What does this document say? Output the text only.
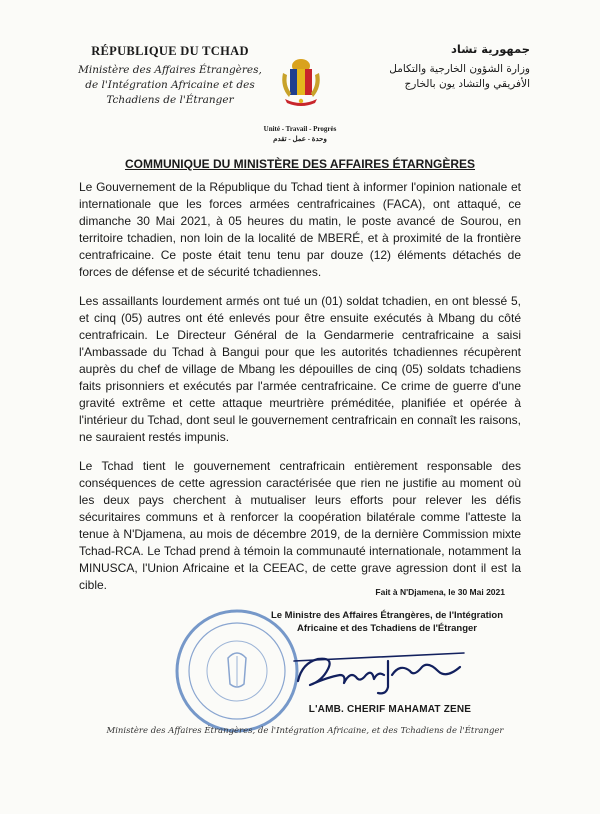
RÉPUBLIQUE DU TCHAD
Ministère des Affaires Étrangères,
de l'Intégration Africaine et des
Tchadiens de l'Étranger
جمهورية تشاد
وزارة الشؤون الخارجية والتكامل
الأفريقي والتشاد يون بالخارج
Unité - Travail - Progrès
وحدة - عمل - تقدم
COMMUNIQUE DU MINISTÈRE DES AFFAIRES ÉTARNGÈRES

Le Gouvernement de la République du Tchad tient à informer l'opinion nationale et internationale que les forces armées centrafricaines (FACA), ont attaqué, ce dimanche 30 Mai 2021, à 05 heures du matin, le poste avancé de Sourou, en territoire tchadien, non loin de la localité de MBERÉ, et à proximité de la frontière centrafricaine. Ce poste était tenu tenu par douze (12) éléments détachés de forces de défense et de sécurité tchadiennes.

Les assaillants lourdement armés ont tué un (01) soldat tchadien, en ont blessé 5, et cinq (05) autres ont été enlevés pour être ensuite exécutés à Mbang du côté centrafricain. Le Directeur Général de la Gendarmerie centrafricaine a saisi l'Ambassade du Tchad à Bangui pour que les autorités tchadiennes récupèrent auprès du chef de village de Mbang les dépouilles de cinq (05) soldats tchadiens faits prisonniers et exécutés par l'armée centrafricaine. Ce crime de guerre d'une gravité extrême et cette attaque meurtrière préméditée, planifiée et opérée à l'intérieur du Tchad, dont seul le gouvernement centrafricain en connaît les raisons, ne sauraient restés impunis.

Le Tchad tient le gouvernement centrafricain entièrement responsable des conséquences de cette agression caractérisée que rien ne justifie au moment où les deux pays cherchent à mutualiser leurs efforts pour relever les défis sécuritaires communs et à renforcer la coopération bilatérale comme l'atteste la tenue à N'Djamena, au mois de décembre 2019, de la dernière Commission mixte Tchad-RCA. Le Tchad prend à témoin la communauté internationale, notamment la MINUSCA, l'Union Africaine et la CEEAC, de cette grave agression dont il est la cible.	Fait à N'Djamena, le 30 Mai 2021
Le Ministre des Affaires Étrangères, de l'Intégration
Africaine et des Tchadiens de l'Étranger
L'AMB. CHERIF MAHAMAT ZENE
Ministère des Affaires Étrangères, de l'Intégration Africaine, et des Tchadiens de l'Étranger
